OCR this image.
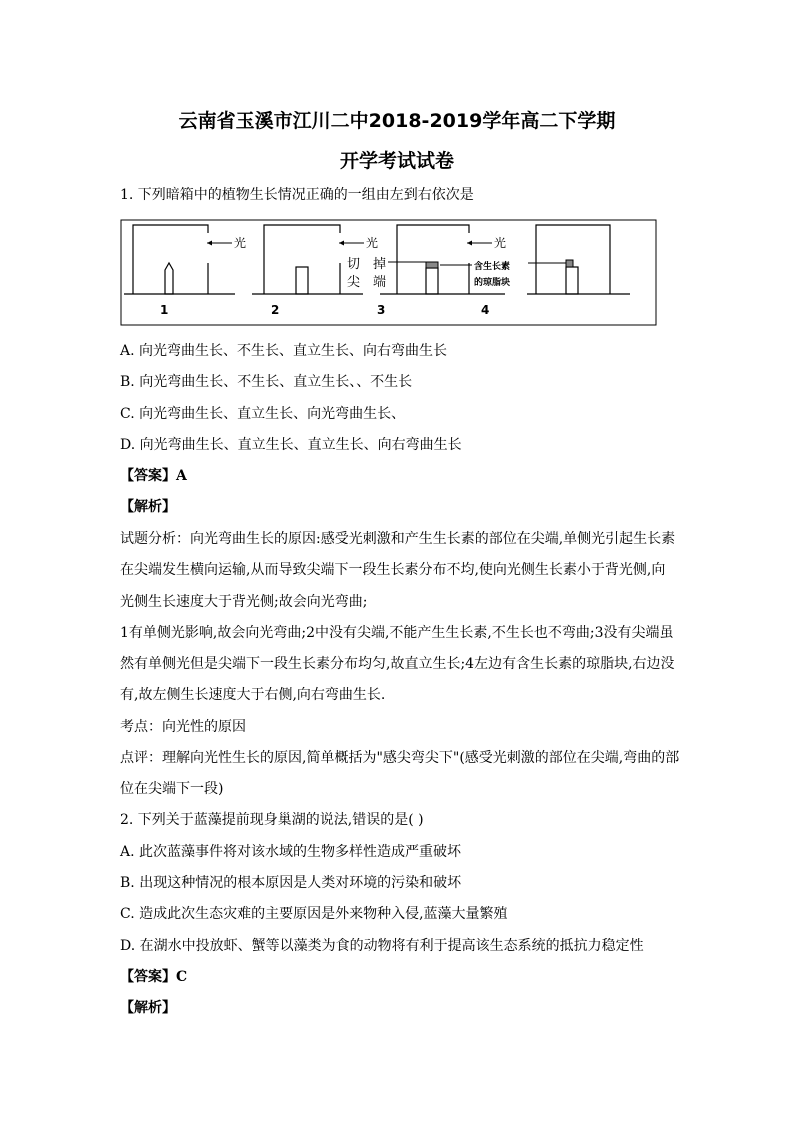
云南省玉溪市江川二中2018-2019学年高二下学期
开学考试试卷
1. 下列暗箱中的植物生长情况正确的一组由左到右依次是
光	光	光
切 掉 尖 端
含生长素 的琼脂块
1	2	3	4
A. 向光弯曲生长、不生长、直立生长、向右弯曲生长
B. 向光弯曲生长、不生长、直立生长、、不生长
C. 向光弯曲生长、直立生长、向光弯曲生长、
D. 向光弯曲生长、直立生长、直立生长、向右弯曲生长
【答案】A
【解析】
试题分析：向光弯曲生长的原因:感受光刺激和产生生长素的部位在尖端,单侧光引起生长素
在尖端发生横向运输,从而导致尖端下一段生长素分布不均,使向光侧生长素小于背光侧,向
光侧生长速度大于背光侧;故会向光弯曲;
1有单侧光影响,故会向光弯曲;2中没有尖端,不能产生生长素,不生长也不弯曲;3没有尖端虽
然有单侧光但是尖端下一段生长素分布均匀,故直立生长;4左边有含生长素的琼脂块,右边没
有,故左侧生长速度大于右侧,向右弯曲生长.
考点：向光性的原因
点评：理解向光性生长的原因,简单概括为"感尖弯尖下"(感受光刺激的部位在尖端,弯曲的部
位在尖端下一段)
2. 下列关于蓝藻提前现身巢湖的说法,错误的是( )
A. 此次蓝藻事件将对该水域的生物多样性造成严重破坏
B. 出现这种情况的根本原因是人类对环境的污染和破坏
C. 造成此次生态灾难的主要原因是外来物种入侵,蓝藻大量繁殖
D. 在湖水中投放虾、蟹等以藻类为食的动物将有利于提高该生态系统的抵抗力稳定性
【答案】C
【解析】
